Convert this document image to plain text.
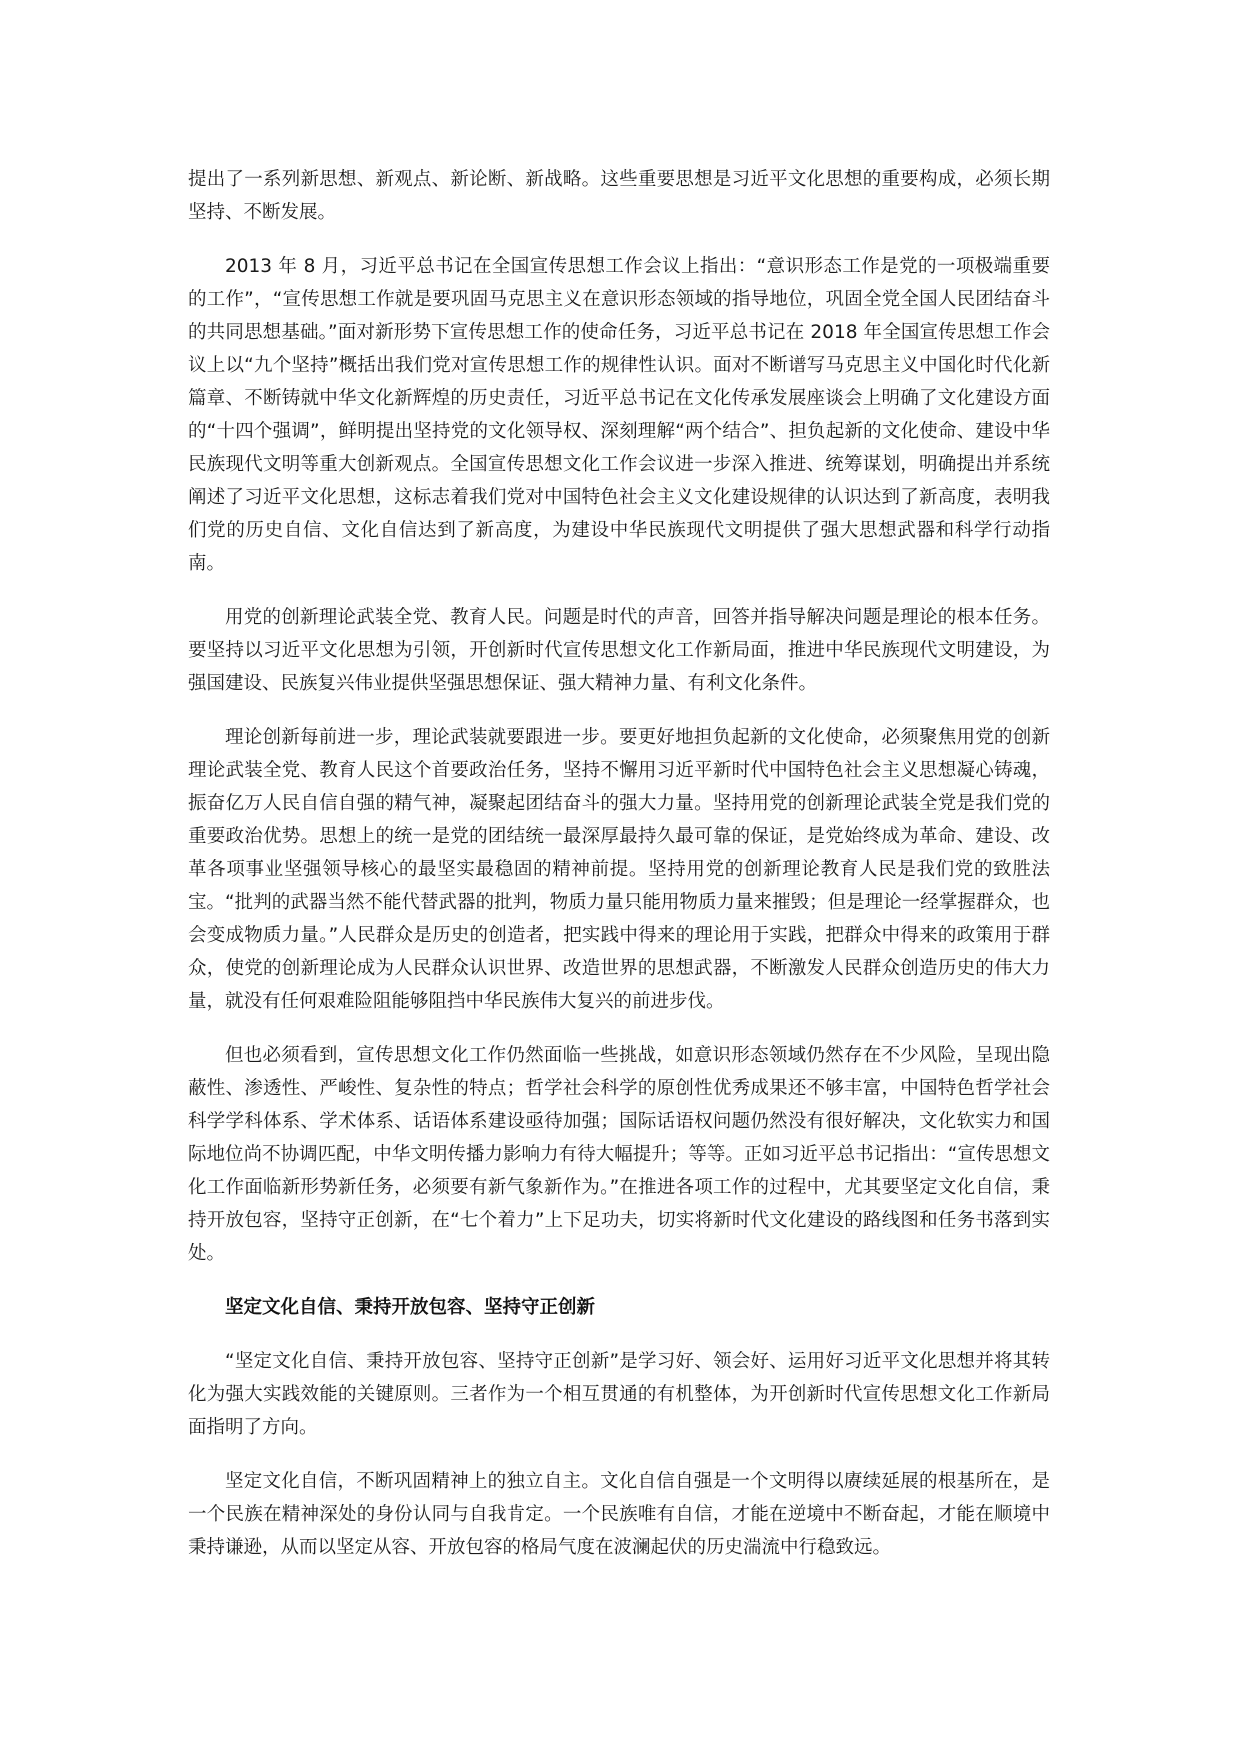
提出了一系列新思想、新观点、新论断、新战略。这些重要思想是习近平文化思想的重要构成，必须长期坚持、不断发展。

2013 年 8 月，习近平总书记在全国宣传思想工作会议上指出：“意识形态工作是党的一项极端重要的工作”，“宣传思想工作就是要巩固马克思主义在意识形态领域的指导地位，巩固全党全国人民团结奋斗的共同思想基础。”面对新形势下宣传思想工作的使命任务，习近平总书记在 2018 年全国宣传思想工作会议上以“九个坚持”概括出我们党对宣传思想工作的规律性认识。面对不断谱写马克思主义中国化时代化新篇章、不断铸就中华文化新辉煌的历史责任，习近平总书记在文化传承发展座谈会上明确了文化建设方面的“十四个强调”，鲜明提出坚持党的文化领导权、深刻理解“两个结合”、担负起新的文化使命、建设中华民族现代文明等重大创新观点。全国宣传思想文化工作会议进一步深入推进、统筹谋划，明确提出并系统阐述了习近平文化思想，这标志着我们党对中国特色社会主义文化建设规律的认识达到了新高度，表明我们党的历史自信、文化自信达到了新高度，为建设中华民族现代文明提供了强大思想武器和科学行动指南。

用党的创新理论武装全党、教育人民。问题是时代的声音，回答并指导解决问题是理论的根本任务。要坚持以习近平文化思想为引领，开创新时代宣传思想文化工作新局面，推进中华民族现代文明建设，为强国建设、民族复兴伟业提供坚强思想保证、强大精神力量、有利文化条件。

理论创新每前进一步，理论武装就要跟进一步。要更好地担负起新的文化使命，必须聚焦用党的创新理论武装全党、教育人民这个首要政治任务，坚持不懈用习近平新时代中国特色社会主义思想凝心铸魂，振奋亿万人民自信自强的精气神，凝聚起团结奋斗的强大力量。坚持用党的创新理论武装全党是我们党的重要政治优势。思想上的统一是党的团结统一最深厚最持久最可靠的保证，是党始终成为革命、建设、改革各项事业坚强领导核心的最坚实最稳固的精神前提。坚持用党的创新理论教育人民是我们党的致胜法宝。“批判的武器当然不能代替武器的批判，物质力量只能用物质力量来摧毁；但是理论一经掌握群众，也会变成物质力量。”人民群众是历史的创造者，把实践中得来的理论用于实践，把群众中得来的政策用于群众，使党的创新理论成为人民群众认识世界、改造世界的思想武器，不断激发人民群众创造历史的伟大力量，就没有任何艰难险阻能够阻挡中华民族伟大复兴的前进步伐。

但也必须看到，宣传思想文化工作仍然面临一些挑战，如意识形态领域仍然存在不少风险，呈现出隐蔽性、渗透性、严峻性、复杂性的特点；哲学社会科学的原创性优秀成果还不够丰富，中国特色哲学社会科学学科体系、学术体系、话语体系建设亟待加强；国际话语权问题仍然没有很好解决，文化软实力和国际地位尚不协调匹配，中华文明传播力影响力有待大幅提升；等等。正如习近平总书记指出：“宣传思想文化工作面临新形势新任务，必须要有新气象新作为。”在推进各项工作的过程中，尤其要坚定文化自信，秉持开放包容，坚持守正创新，在“七个着力”上下足功夫，切实将新时代文化建设的路线图和任务书落到实处。

坚定文化自信、秉持开放包容、坚持守正创新

“坚定文化自信、秉持开放包容、坚持守正创新”是学习好、领会好、运用好习近平文化思想并将其转化为强大实践效能的关键原则。三者作为一个相互贯通的有机整体，为开创新时代宣传思想文化工作新局面指明了方向。

坚定文化自信，不断巩固精神上的独立自主。文化自信自强是一个文明得以赓续延展的根基所在，是一个民族在精神深处的身份认同与自我肯定。一个民族唯有自信，才能在逆境中不断奋起，才能在顺境中秉持谦逊，从而以坚定从容、开放包容的格局气度在波澜起伏的历史湍流中行稳致远。
